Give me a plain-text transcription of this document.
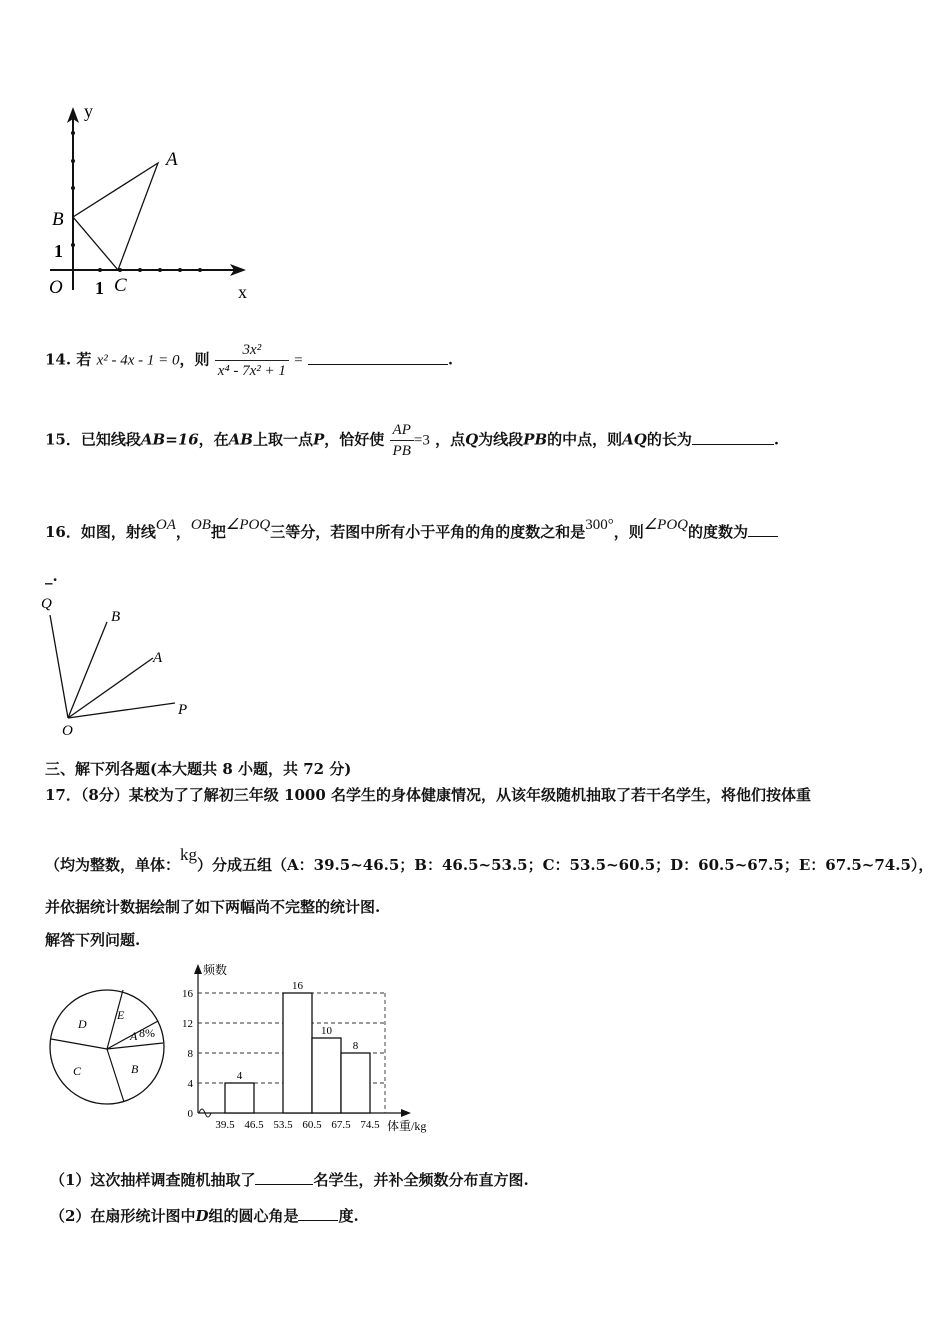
y
x
A
B
C
O 1
1
14. 若 x² - 4x - 1 = 0，则 $\frac{\text{3x²}}{\text{x⁴ - 7x² + 1}}$ =	.
15．已知线段AB=16，在AB上取一点P，恰好使 $\frac{AP}{PB} =3$ ，点Q为线段PB的中点，则AQ的长为	.
16．如图，射线OA，OB把∠POQ三等分，若图中所有小于平角的角的度数之和是300°，则∠POQ的度数为
_.
Q
B
A
P
O
三、解下列各题(本大题共 8 小题，共 72 分)
17．（8分）某校为了了解初三年级 1000 名学生的身体健康情况，从该年级随机抽取了若干名学生，将他们按体重
（均为整数，单体：kg）分成五组（A：39.5~46.5；B：46.5~53.5；C：53.5~60.5；D：60.5~67.5；E：67.5~74.5），
并依据统计数据绘制了如下两幅尚不完整的统计图.
解答下列问题.
D
E
A 8%
C	B
频数
体重/kg
16
12
8
4
0
39.5 46.5 53.5 60.5 67.5 74.5
4
16
10
8
（1）这次抽样调查随机抽取了	名学生，并补全频数分布直方图.
（2）在扇形统计图中D组的圆心角是	度.
